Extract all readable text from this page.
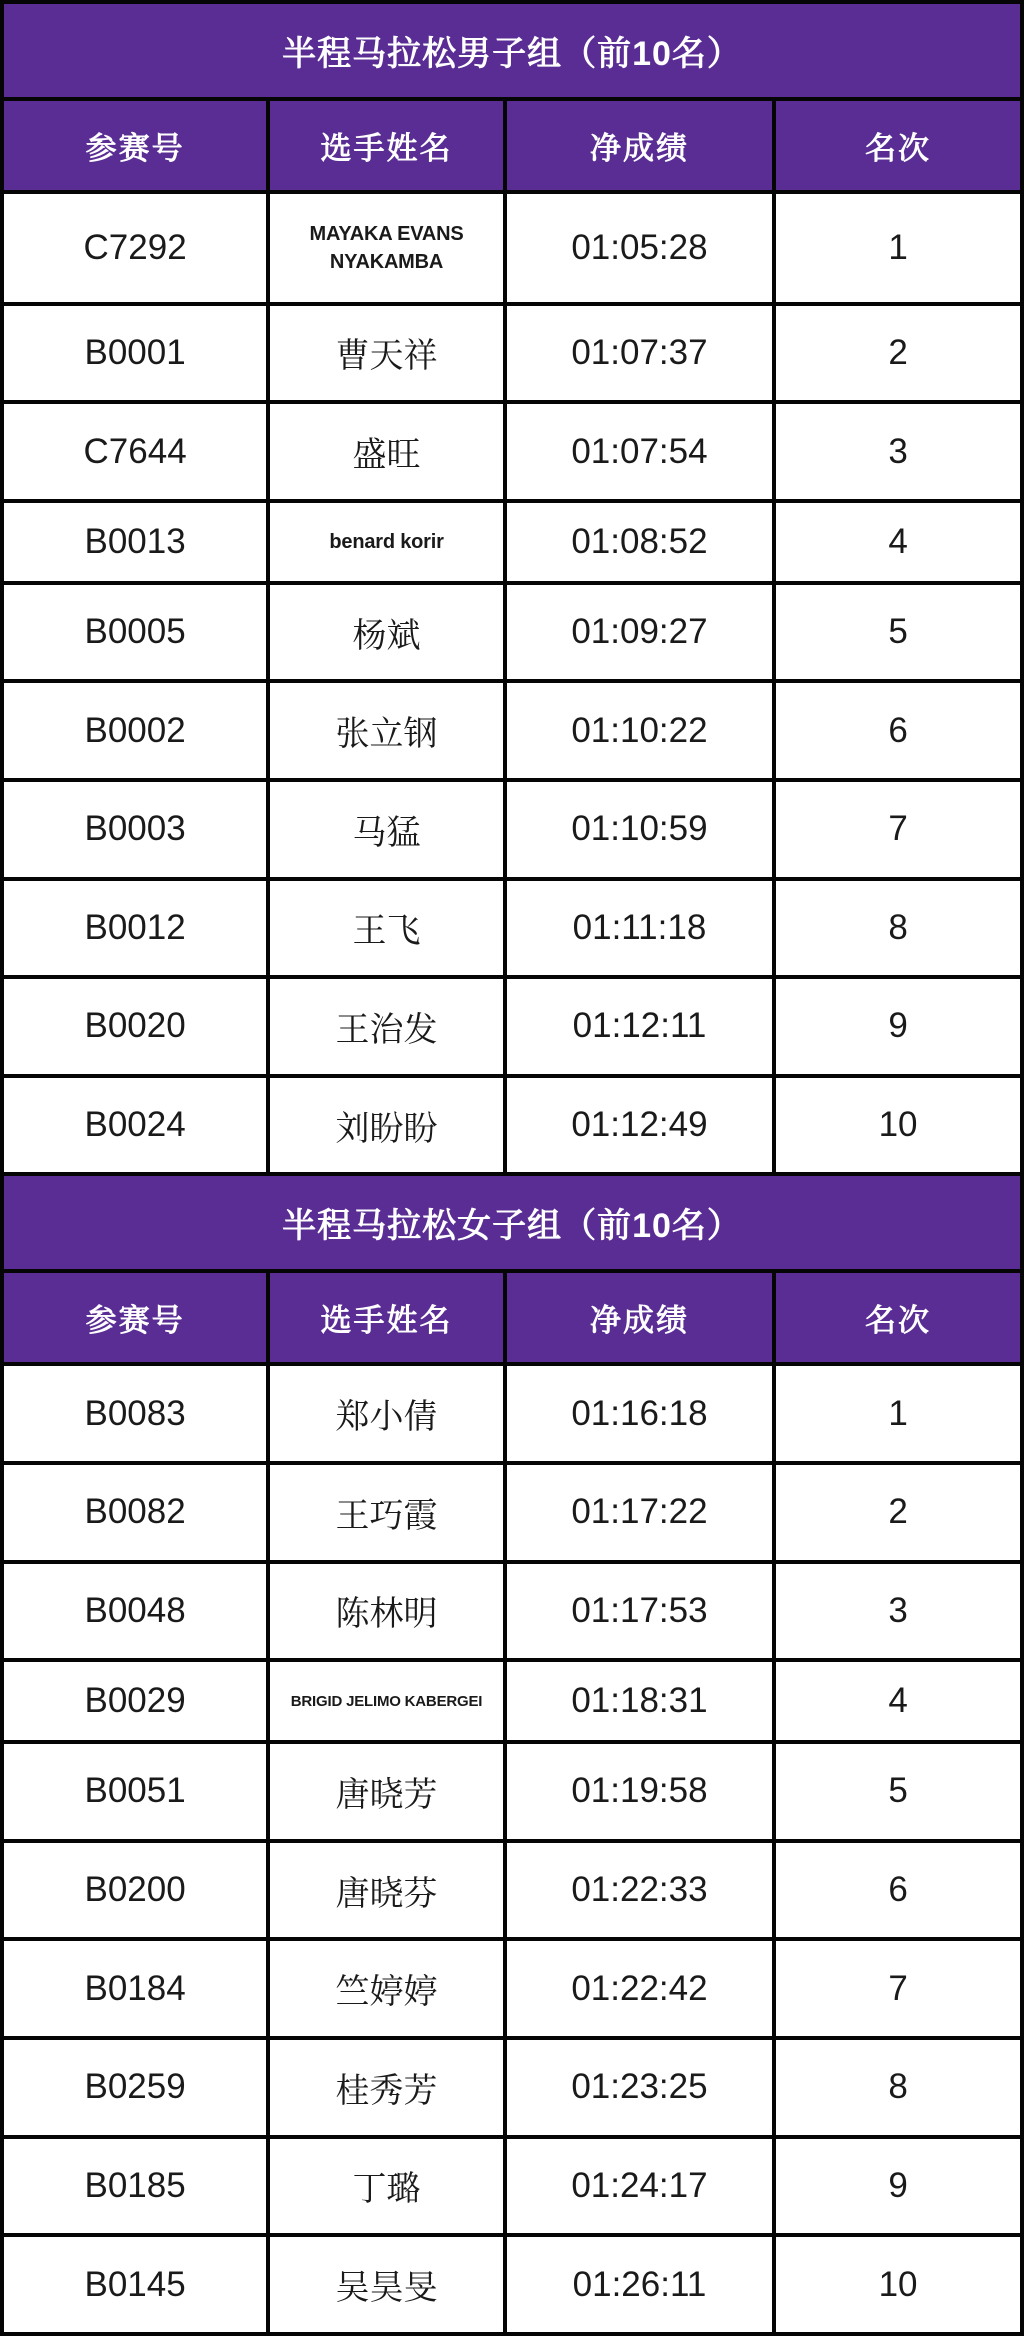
半程马拉松男子组（前10名）			
参赛号	选手姓名	净成绩	名次
C7292	MAYAKA EVANS NYAKAMBA	01:05:28	1
B0001	曹天祥	01:07:37	2
C7644	盛旺	01:07:54	3
B0013	benard korir	01:08:52	4
B0005	杨斌	01:09:27	5
B0002	张立钢	01:10:22	6
B0003	马猛	01:10:59	7
B0012	王飞	01:11:18	8
B0020	王治发	01:12:11	9
B0024	刘盼盼	01:12:49	10
半程马拉松女子组（前10名）			
参赛号	选手姓名	净成绩	名次
B0083	郑小倩	01:16:18	1
B0082	王巧霞	01:17:22	2
B0048	陈林明	01:17:53	3
B0029	BRIGID JELIMO KABERGEI	01:18:31	4
B0051	唐晓芳	01:19:58	5
B0200	唐晓芬	01:22:33	6
B0184	竺婷婷	01:22:42	7
B0259	桂秀芳	01:23:25	8
B0185	丁璐	01:24:17	9
B0145	吴昊旻	01:26:11	10
